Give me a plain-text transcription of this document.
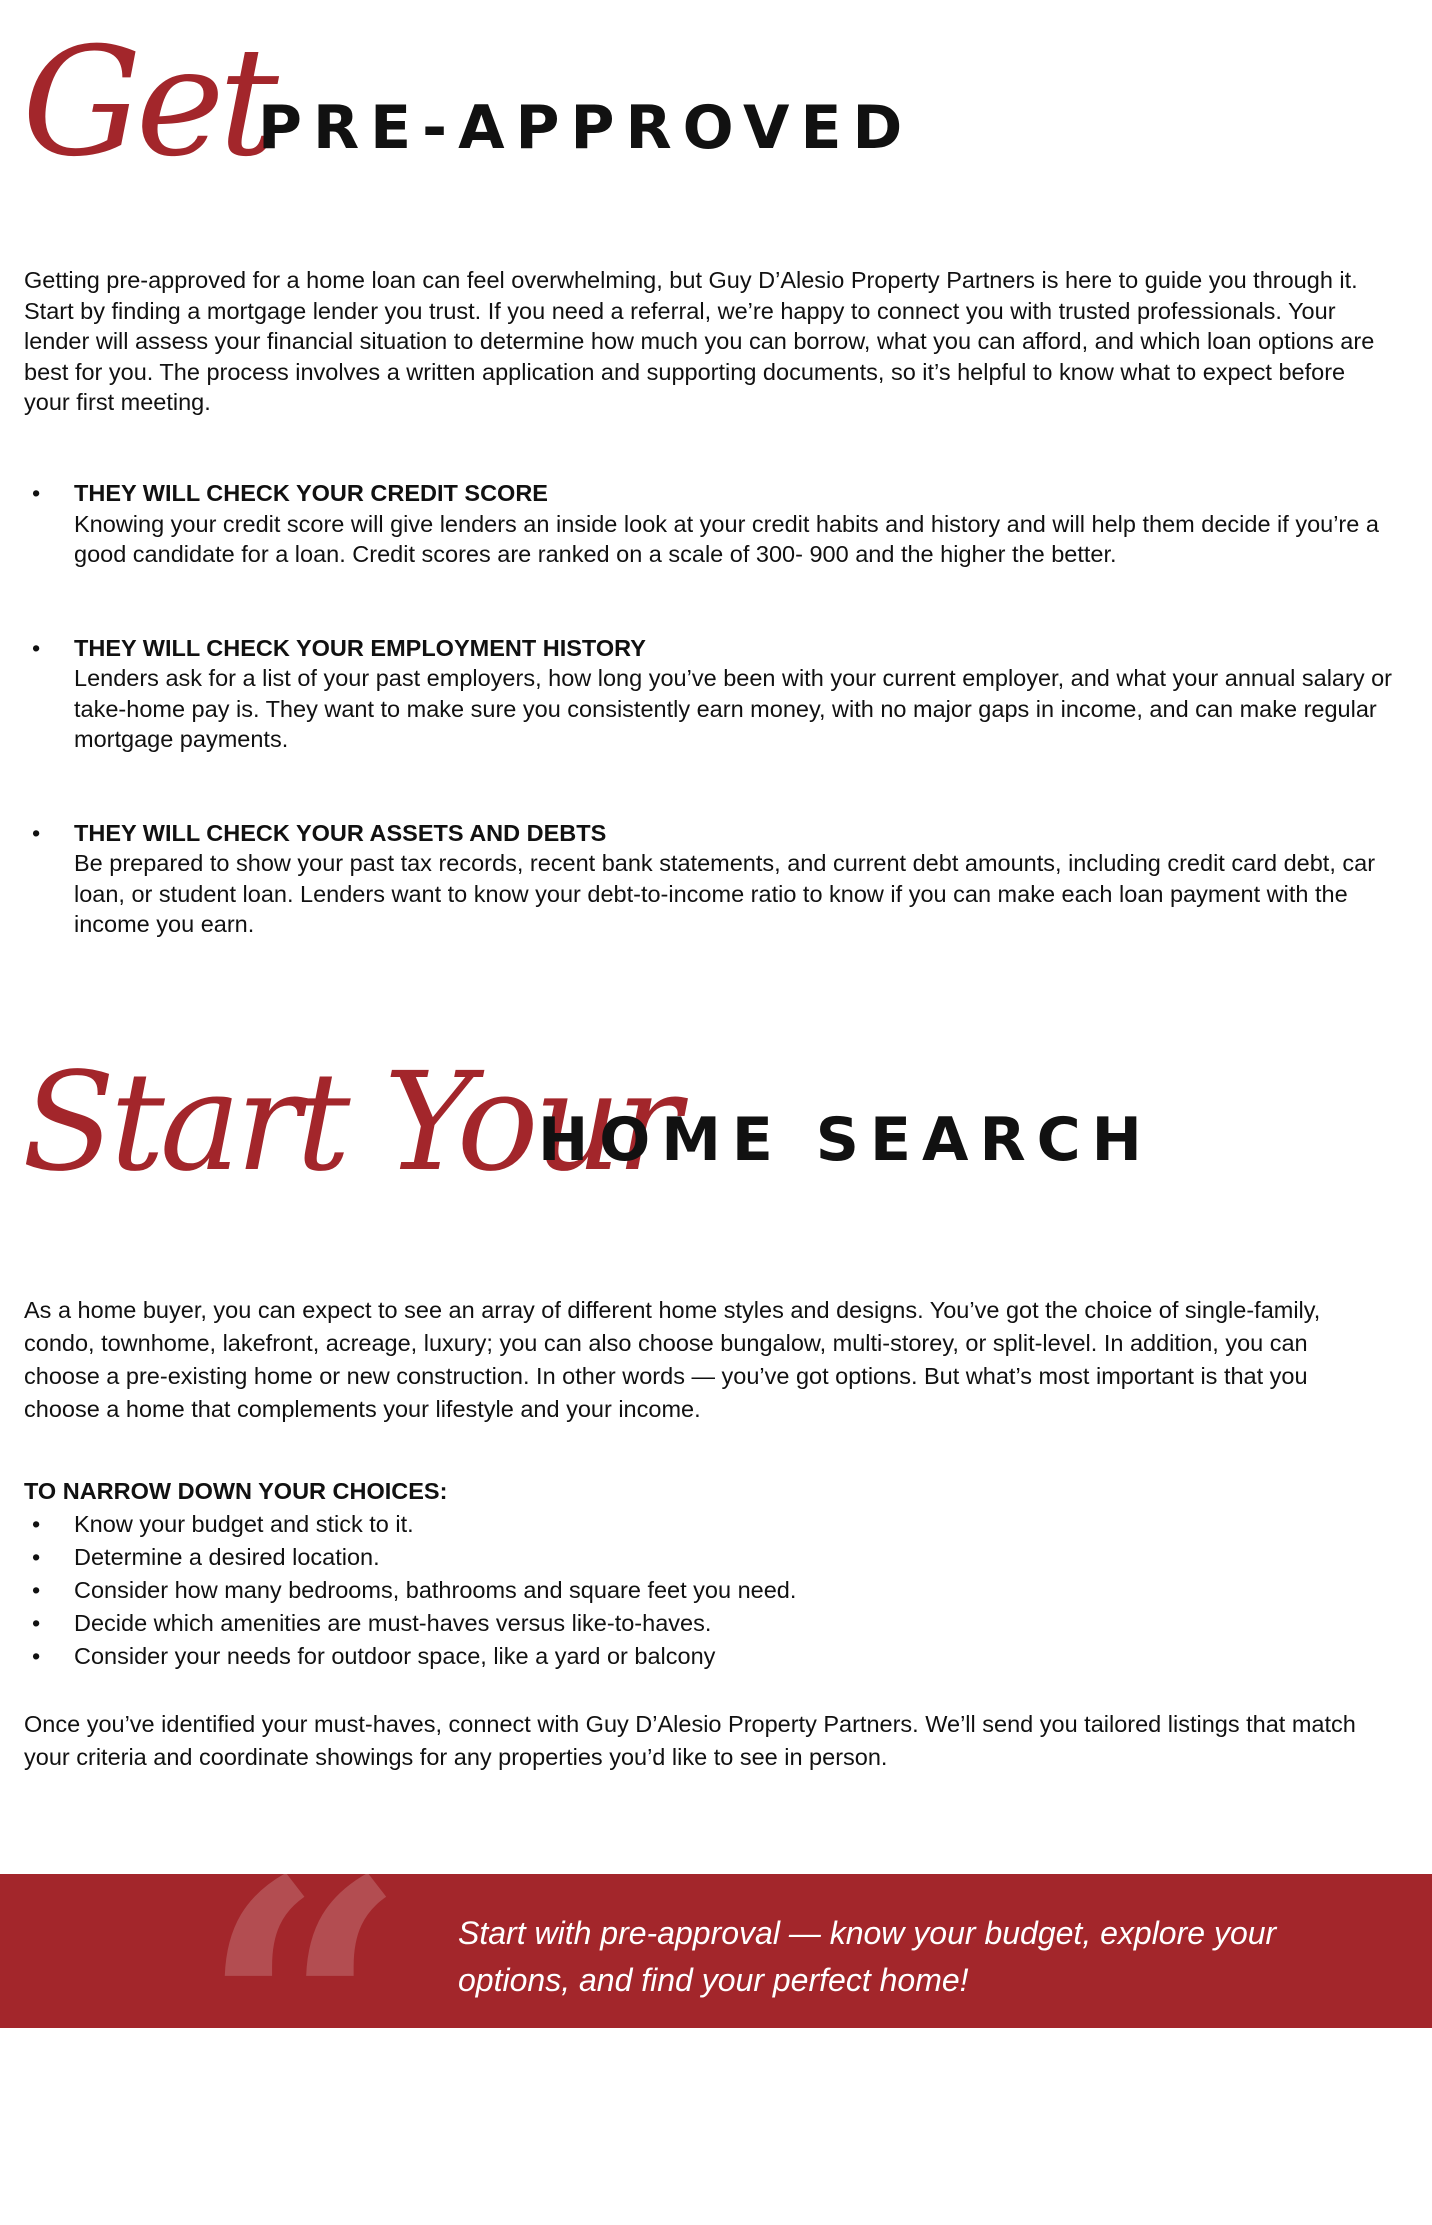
Get
PRE-APPROVED

Getting pre-approved for a home loan can feel overwhelming, but Guy D’Alesio Property Partners is here to guide you through it. Start by finding a mortgage lender you trust. If you need a referral, we’re happy to connect you with trusted professionals. Your lender will assess your financial situation to determine how much you can borrow, what you can afford, and which loan options are best for you. The process involves a written application and supporting documents, so it’s helpful to know what to expect before your first meeting.

• THEY WILL CHECK YOUR CREDIT SCORE
Knowing your credit score will give lenders an inside look at your credit habits and history and will help them decide if you’re a good candidate for a loan. Credit scores are ranked on a scale of 300- 900 and the higher the better.
• THEY WILL CHECK YOUR EMPLOYMENT HISTORY
Lenders ask for a list of your past employers, how long you’ve been with your current employer, and what your annual salary or take-home pay is. They want to make sure you consistently earn money, with no major gaps in income, and can make regular mortgage payments.
• THEY WILL CHECK YOUR ASSETS AND DEBTS
Be prepared to show your past tax records, recent bank statements, and current debt amounts, including credit card debt, car loan, or student loan. Lenders want to know your debt-to-income ratio to know if you can make each loan payment with the income you earn.
Start Your
HOME SEARCH

As a home buyer, you can expect to see an array of different home styles and designs. You’ve got the choice of single-family, condo, townhome, lakefront, acreage, luxury; you can also choose bungalow, multi-storey, or split-level. In addition, you can choose a pre-existing home or new construction. In other words — you’ve got options. But what’s most important is that you choose a home that complements your lifestyle and your income.

TO NARROW DOWN YOUR CHOICES:

• Know your budget and stick to it.
• Determine a desired location.
• Consider how many bedrooms, bathrooms and square feet you need.
• Decide which amenities are must-haves versus like-to-haves.
• Consider your needs for outdoor space, like a yard or balcony

Once you’ve identified your must-haves, connect with Guy D’Alesio Property Partners. We’ll send you tailored listings that match your criteria and coordinate showings for any properties you’d like to see in person.

“ Start with pre-approval — know your budget, explore your options, and find your perfect home!
